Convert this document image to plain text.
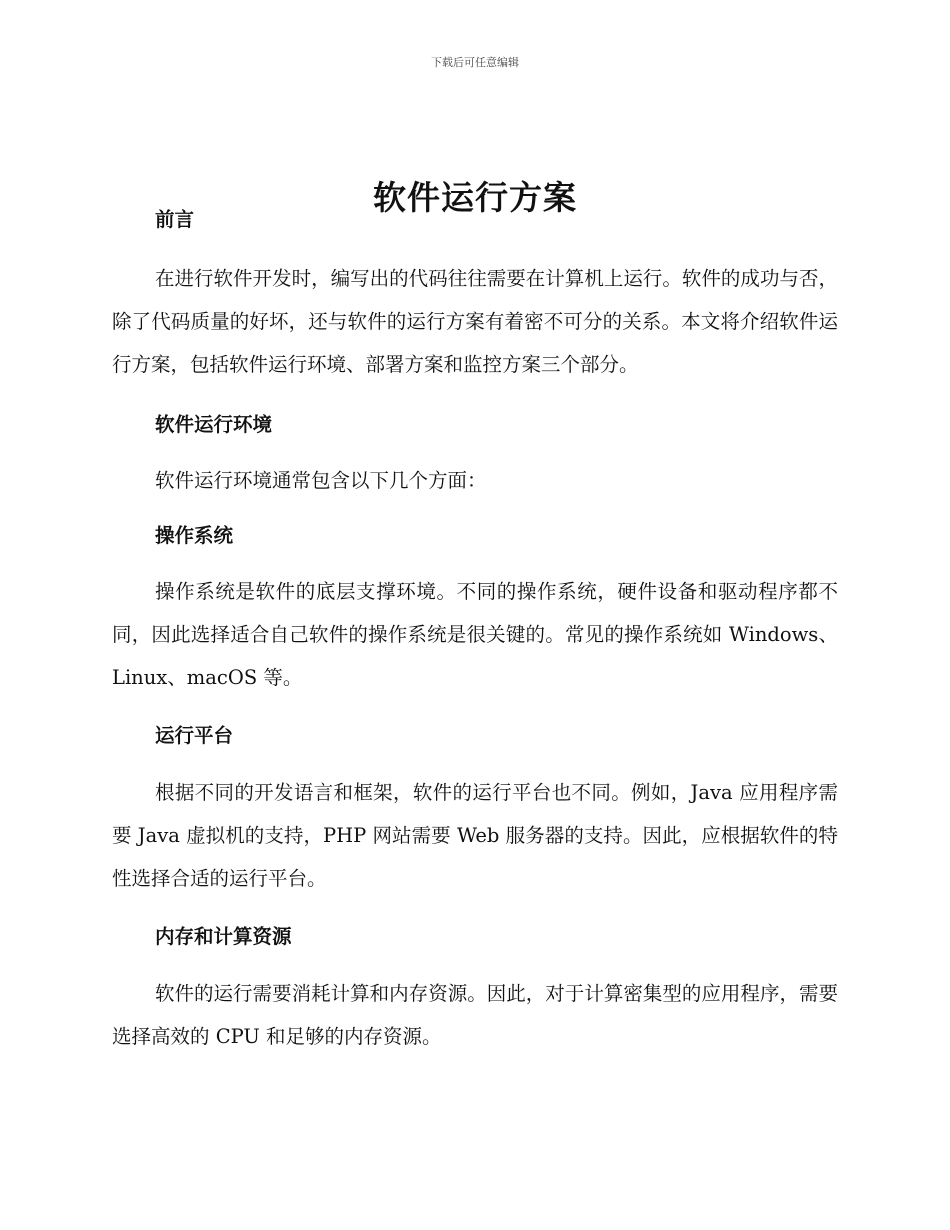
下载后可任意编辑
软件运行方案
前言

在进行软件开发时，编写出的代码往往需要在计算机上运行。软件的成功与否，除了代码质量的好坏，还与软件的运行方案有着密不可分的关系。本文将介绍软件运行方案，包括软件运行环境、部署方案和监控方案三个部分。

软件运行环境

软件运行环境通常包含以下几个方面：

操作系统

操作系统是软件的底层支撑环境。不同的操作系统，硬件设备和驱动程序都不同，因此选择适合自己软件的操作系统是很关键的。常见的操作系统如 Windows、Linux、macOS 等。

运行平台

根据不同的开发语言和框架，软件的运行平台也不同。例如，Java 应用程序需要 Java 虚拟机的支持，PHP 网站需要 Web 服务器的支持。因此，应根据软件的特性选择合适的运行平台。

内存和计算资源

软件的运行需要消耗计算和内存资源。因此，对于计算密集型的应用程序，需要选择高效的 CPU 和足够的内存资源。
